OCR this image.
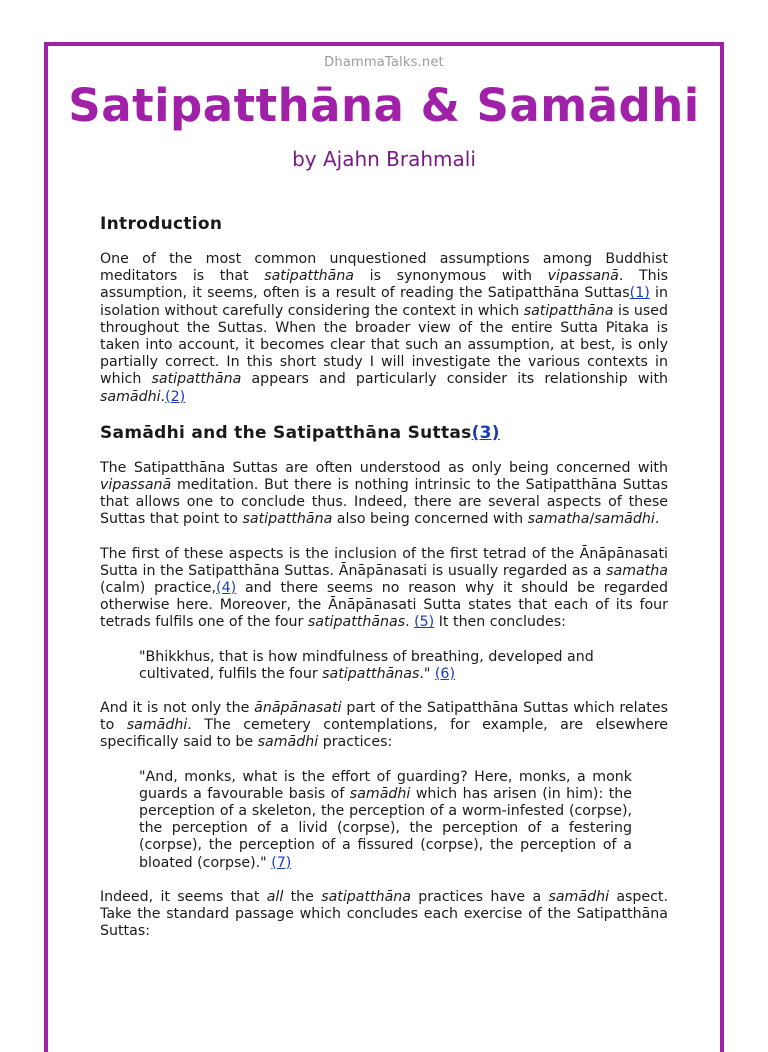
DhammaTalks.net
Satipatthāna & Samādhi
by Ajahn Brahmali
Introduction

One of the most common unquestioned assumptions among Buddhist meditators is that satipatthāna is synonymous with vipassanā. This assumption, it seems, often is a result of reading the Satipatthāna Suttas(1) in isolation without carefully considering the context in which satipatthāna is used throughout the Suttas. When the broader view of the entire Sutta Pitaka is taken into account, it becomes clear that such an assumption, at best, is only partially correct. In this short study I will investigate the various contexts in which satipatthāna appears and particularly consider its relationship with samādhi.(2)

Samādhi and the Satipatthāna Suttas(3)

The Satipatthāna Suttas are often understood as only being concerned with vipassanā meditation. But there is nothing intrinsic to the Satipatthāna Suttas that allows one to conclude thus. Indeed, there are several aspects of these Suttas that point to satipatthāna also being concerned with samatha/samādhi.

The first of these aspects is the inclusion of the first tetrad of the Ānāpānasati Sutta in the Satipatthāna Suttas. Ānāpānasati is usually regarded as a samatha (calm) practice,(4) and there seems no reason why it should be regarded otherwise here. Moreover, the Ānāpānasati Sutta states that each of its four tetrads fulfils one of the four satipatthānas. (5) It then concludes:

"Bhikkhus, that is how mindfulness of breathing, developed and cultivated, fulfils the four satipatthānas." (6)

And it is not only the ānāpānasati part of the Satipatthāna Suttas which relates to samādhi. The cemetery contemplations, for example, are elsewhere specifically said to be samādhi practices:

"And, monks, what is the effort of guarding? Here, monks, a monk guards a favourable basis of samādhi which has arisen (in him): the perception of a skeleton, the perception of a worm-infested (corpse), the perception of a livid (corpse), the perception of a festering (corpse), the perception of a fissured (corpse), the perception of a bloated (corpse)." (7)

Indeed, it seems that all the satipatthāna practices have a samādhi aspect. Take the standard passage which concludes each exercise of the Satipatthāna Suttas:
